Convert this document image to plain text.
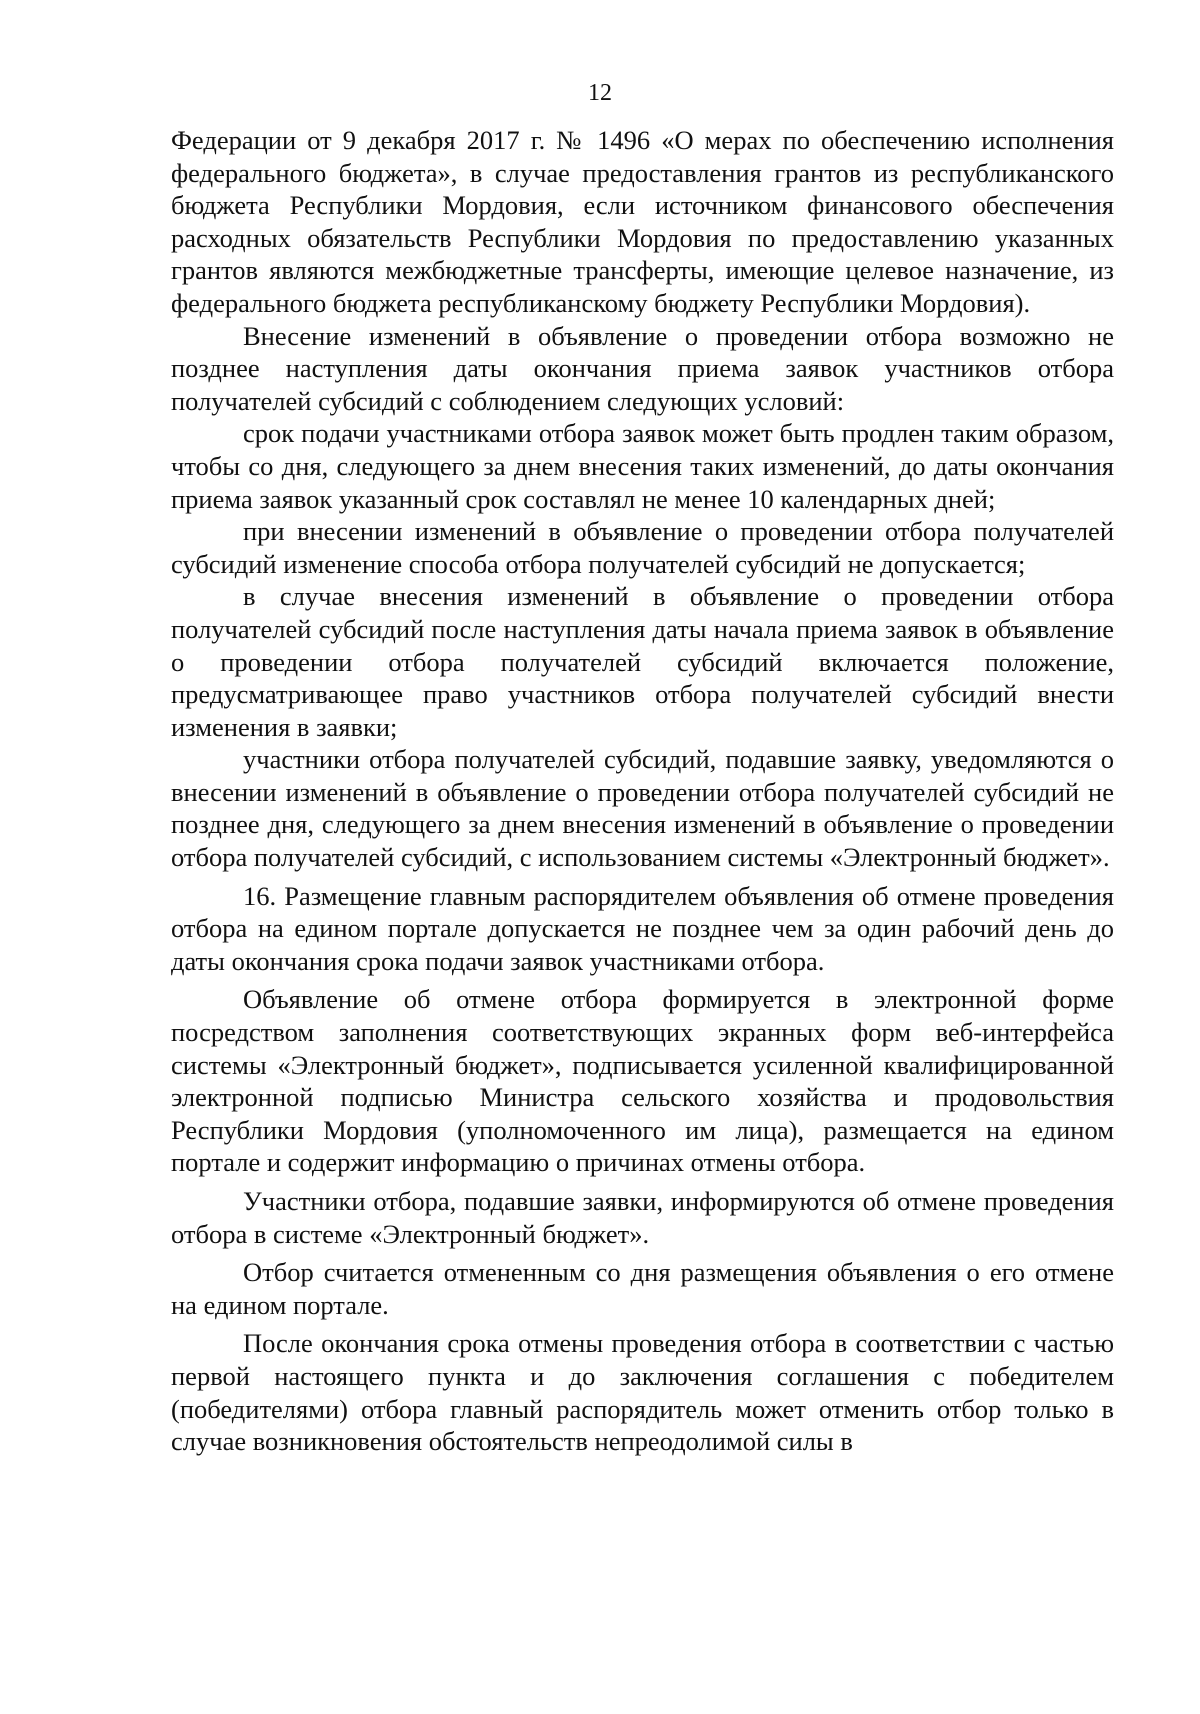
12

Федерации от 9 декабря 2017 г. № 1496 «О мерах по обеспечению исполнения федерального бюджета», в случае предоставления грантов из республиканского бюджета Республики Мордовия, если источником финансового обеспечения расходных обязательств Республики Мордовия по предоставлению указанных грантов являются межбюджетные трансферты, имеющие целевое назначение, из федерального бюджета республиканскому бюджету Республики Мордовия).

Внесение изменений в объявление о проведении отбора возможно не позднее наступления даты окончания приема заявок участников отбора получателей субсидий с соблюдением следующих условий:

срок подачи участниками отбора заявок может быть продлен таким образом, чтобы со дня, следующего за днем внесения таких изменений, до даты окончания приема заявок указанный срок составлял не менее 10 календарных дней;

при внесении изменений в объявление о проведении отбора получателей субсидий изменение способа отбора получателей субсидий не допускается;

в случае внесения изменений в объявление о проведении отбора получателей субсидий после наступления даты начала приема заявок в объявление о проведении отбора получателей субсидий включается положение, предусматривающее право участников отбора получателей субсидий внести изменения в заявки;

участники отбора получателей субсидий, подавшие заявку, уведомляются о внесении изменений в объявление о проведении отбора получателей субсидий не позднее дня, следующего за днем внесения изменений в объявление о проведении отбора получателей субсидий, с использованием системы «Электронный бюджет».

16. Размещение главным распорядителем объявления об отмене проведения отбора на едином портале допускается не позднее чем за один рабочий день до даты окончания срока подачи заявок участниками отбора.

Объявление об отмене отбора формируется в электронной форме посредством заполнения соответствующих экранных форм веб-интерфейса системы «Электронный бюджет», подписывается усиленной квалифицированной электронной подписью Министра сельского хозяйства и продовольствия Республики Мордовия (уполномоченного им лица), размещается на едином портале и содержит информацию о причинах отмены отбора.

Участники отбора, подавшие заявки, информируются об отмене проведения отбора в системе «Электронный бюджет».

Отбор считается отмененным со дня размещения объявления о его отмене на едином портале.

После окончания срока отмены проведения отбора в соответствии с частью первой настоящего пункта и до заключения соглашения с победителем (победителями) отбора главный распорядитель может отменить отбор только в случае возникновения обстоятельств непреодолимой силы в
